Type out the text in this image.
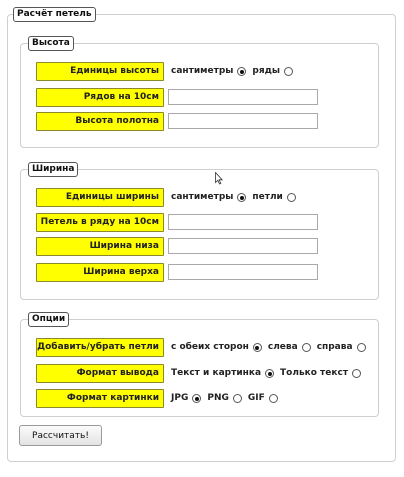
Расчёт петель
Высота
Единицы высоты	сантиметры ряды
Рядов на 10см
Высота полотна
Ширина
Единицы ширины	сантиметры петли
Петель в ряду на 10см
Ширина низа
Ширина верха
Опции
Добавить/убрать петли	с обеих сторон слева справа
Формат вывода	Текст и картинка Только текст
Формат картинки	JPG PNG GIF
Рассчитать!
